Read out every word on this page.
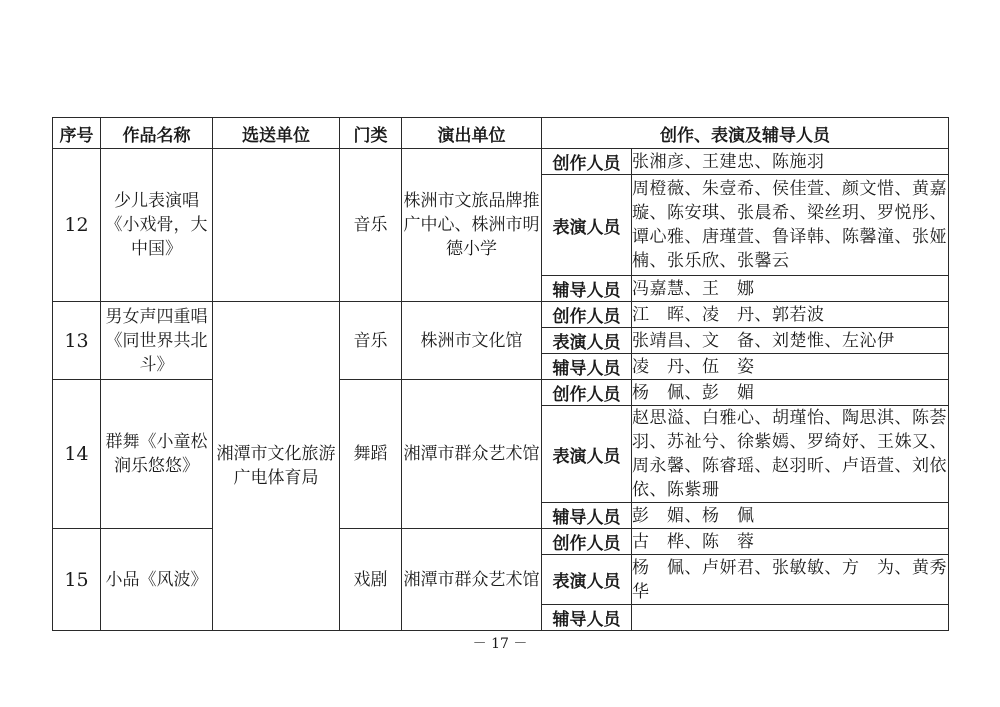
序号	作品名称	选送单位	门类	演出单位	创作、表演及辅导人员	
12	少儿表演唱《小戏骨，大中国》		音乐	株洲市文旅品牌推广中心、株洲市明德小学	创作人员	张湘彦、王建忠、陈施羽
					表演人员	周橙薇、朱壹希、侯佳萱、颜文惜、黄嘉璇、陈安琪、张晨希、梁丝玥、罗悦彤、谭心雅、唐瑾萱、鲁译韩、陈馨潼、张娅楠、张乐欣、张馨云
					辅导人员	冯嘉慧、王　娜
13	男女声四重唱《同世界共北斗》	湘潭市文化旅游广电体育局	音乐	株洲市文化馆	创作人员	江　晖、凌　丹、郭若波
					表演人员	张靖昌、文　备、刘楚惟、左沁伊
					辅导人员	凌　丹、伍　姿
14	群舞《小童松涧乐悠悠》		舞蹈	湘潭市群众艺术馆	创作人员	杨　佩、彭　媚
					表演人员	赵思溢、白雅心、胡瑾怡、陶思淇、陈荟羽、苏祉兮、徐紫嫣、罗绮妤、王姝又、周永馨、陈睿瑶、赵羽昕、卢语萱、刘依依、陈紫珊
					辅导人员	彭　媚、杨　佩
15	小品《风波》		戏剧	湘潭市群众艺术馆	创作人员	古　桦、陈　蓉
					表演人员	杨　佩、卢妍君、张敏敏、方　为、黄秀华
					辅导人员	
－ 17 －
